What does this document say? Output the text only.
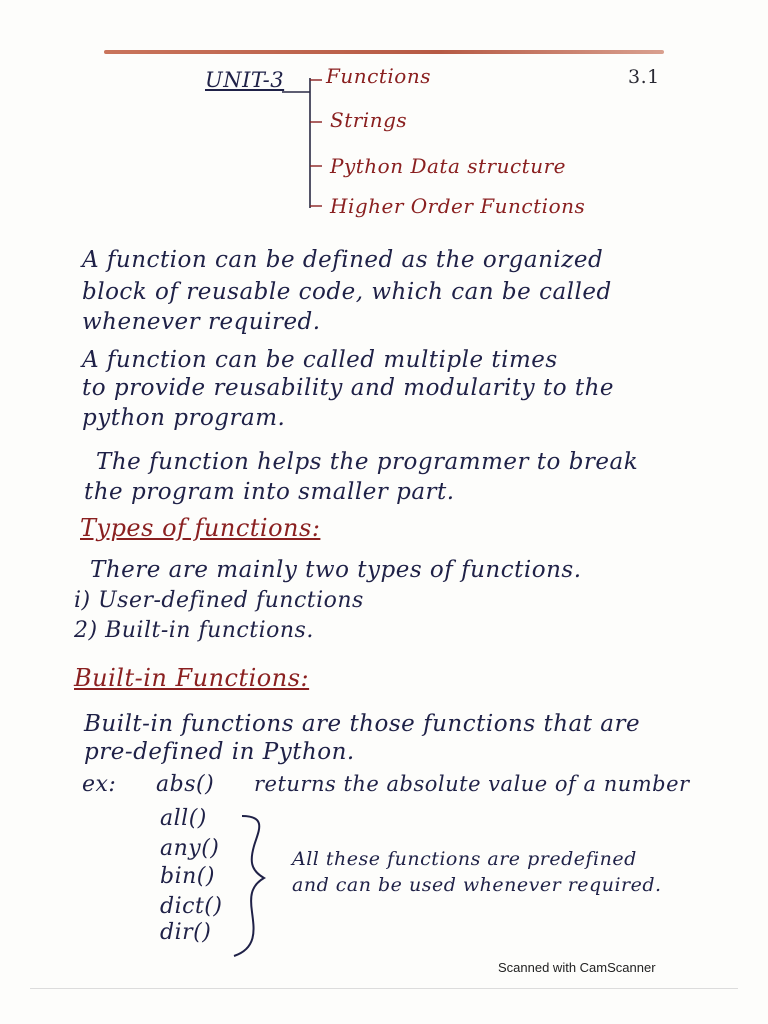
UNIT-3	3.1
Functions
Strings
Python Data structure
Higher Order Functions
A function can be defined as the organized
block of reusable code, which can be called
whenever required.
A function can be called multiple times
to provide reusability and modularity to the
python program.
The function helps the programmer to break
the program into smaller part.
Types of functions:
There are mainly two types of functions.
i) User-defined functions
2) Built-in functions.
Built-in Functions:
Built-in functions are those functions that are
pre-defined in Python.
ex: abs() returns the absolute value of a number
all()
any()
bin()
dict()
dir()
All these functions are predefined
and can be used whenever required.
Scanned with CamScanner
